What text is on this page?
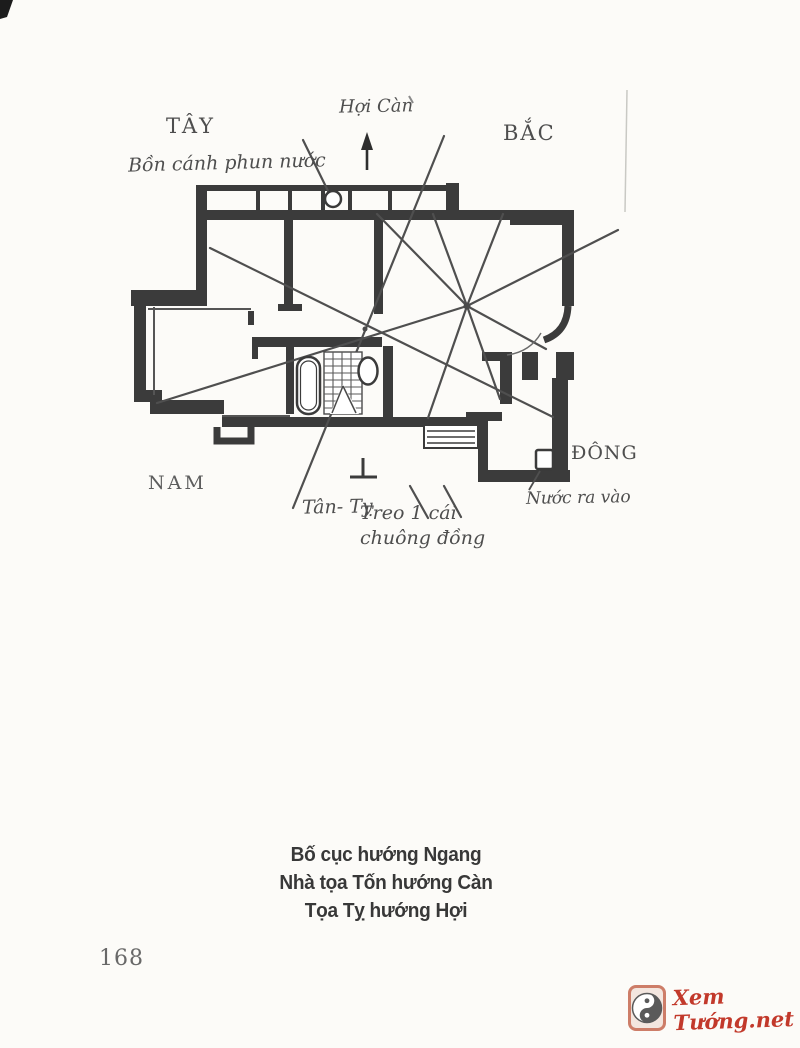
TÂY	BẮC
NAM
ĐÔNG
Hợi Càn
Bồn cánh phun nước
Tân- Tỵ
Treo 1 cái
chuông đồng
Nước ra vào
Bố cục hướng Ngang
Nhà tọa Tốn hướng Càn
Tọa Tỵ hướng Hợi
168
Xem Tướng.net
